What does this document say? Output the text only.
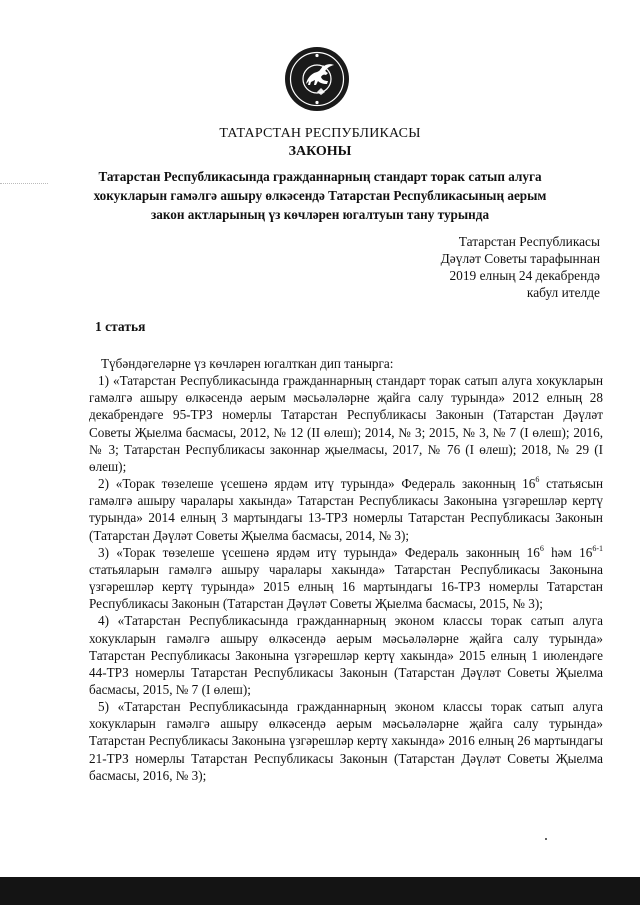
ТАТАРСТАН РЕСПУБЛИКАСЫ
ЗАКОНЫ
Татарстан Республикасында гражданнарның стандарт торак сатып алуга хокукларын гамәлгә ашыру өлкәсендә Татарстан Республикасының аерым закон актларының үз көчләрен югалтуын тану турында
Татарстан Республикасы
Дәүләт Советы тарафыннан
2019 елның 24 декабрендә
кабул ителде
1 статья

Түбәндәгеләрне үз көчләрен югалткан дип танырга:

1) «Татарстан Республикасында гражданнарның стандарт торак сатып алуга хокукларын гамәлгә ашыру өлкәсендә аерым мәсьәләләрне җайга салу турында» 2012 елның 28 декабрендәге 95-ТРЗ номерлы Татарстан Республикасы Законын (Татарстан Дәүләт Советы Җыелма басмасы, 2012, № 12 (II өлеш); 2014, № 3; 2015, № 3, № 7 (I өлеш); 2016, № 3; Татарстан Республикасы законнар җыелмасы, 2017, № 76 (I өлеш); 2018, № 29 (I өлеш);

2) «Торак төзелеше үсешенә ярдәм итү турында» Федераль законның $16^6$ статьясын гамәлгә ашыру чаралары хакында» Татарстан Республикасы Законына үзгәрешләр кертү турында» 2014 елның 3 мартындагы 13-ТРЗ номерлы Татарстан Республикасы Законын (Татарстан Дәүләт Советы Җыелма басмасы, 2014, № 3);

3) «Торак төзелеше үсешенә ярдәм итү турында» Федераль законның $16^6$ һәм 16$^{6-1}$ статьяларын гамәлгә ашыру чаралары хакында» Татарстан Республикасы Законына үзгәрешләр кертү турында» 2015 елның 16 мартындагы 16-ТРЗ номерлы Татарстан Республикасы Законын (Татарстан Дәүләт Советы Җыелма басмасы, 2015, № 3);

4) «Татарстан Республикасында гражданнарның эконом классы торак сатып алуга хокукларын гамәлгә ашыру өлкәсендә аерым мәсьәләләрне җайга салу турында» Татарстан Республикасы Законына үзгәрешләр кертү хакында» 2015 елның 1 июлендәге 44-ТРЗ номерлы Татарстан Республикасы Законын (Татарстан Дәүләт Советы Җыелма басмасы, 2015, № 7 (I өлеш);

5) «Татарстан Республикасында гражданнарның эконом классы торак сатып алуга хокукларын гамәлгә ашыру өлкәсендә аерым мәсьәләләрне җайга салу турында» Татарстан Республикасы Законына үзгәрешләр кертү хакында» 2016 елның 26 мартындагы 21-ТРЗ номерлы Татарстан Республикасы Законын (Татарстан Дәүләт Советы Җыелма басмасы, 2016, № 3);
